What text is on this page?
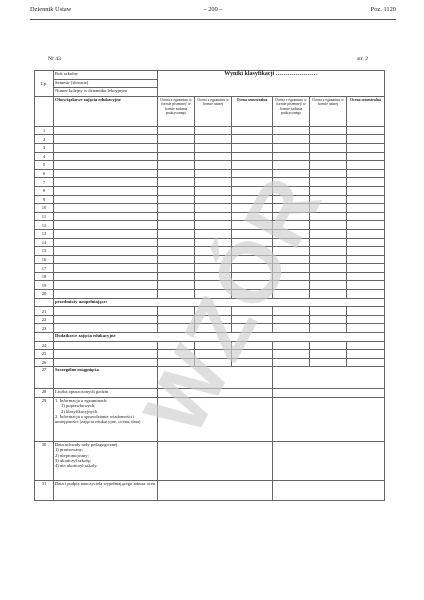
Dziennik Ustaw	– 209 –	Poz. 1120
Nr 43	str. 2
Lp.	Rok szkolny	Wyniki klasyfikacji …………………					
	Semestr (słownie)						
	Numer kolejny w dzienniku lekcyjnym						
	Obowiązkowe zajęcia edukacyjne	Ocena z egzaminu w formie pisemnej/ w formie zadania praktycznego	Ocena z egzaminu w formie ustnej	Ocena semestralna	Ocena z egzaminu w formie pisemnej/ w formie zadania praktycznego	Ocena z egzaminu w formie ustnej	Ocena semestralna
1							
2							
3							
4							
5							
6							
7							
8							
9							
10							
11							
12							
13							
14							
15							
16							
17							
18							
19							
20							
	przedmioty uzupełniające:						
21							
22							
23							
	Dodatkowe zajęcia edukacyjne						
24							
25							
26							
27	Szczególne osiągnięcia						
28	Liczba opuszczonych godzin						
29	1. Informacja o egzaminach:
1) poprawkowych;
2) klasyfikacyjnych.
2. Informacja o sprawdzianie wiadomości i umiejętności (zajęcia edukacyjne, ocena, data)						

30	Data uchwały rady pedagogicznej:
1) promowany;
2) niepromowany;
3) ukończył szkołę;
4) nie ukończył szkoły.						

31	Data i podpis nauczyciela wypełniającego arkusz ocen						
WZÓR
